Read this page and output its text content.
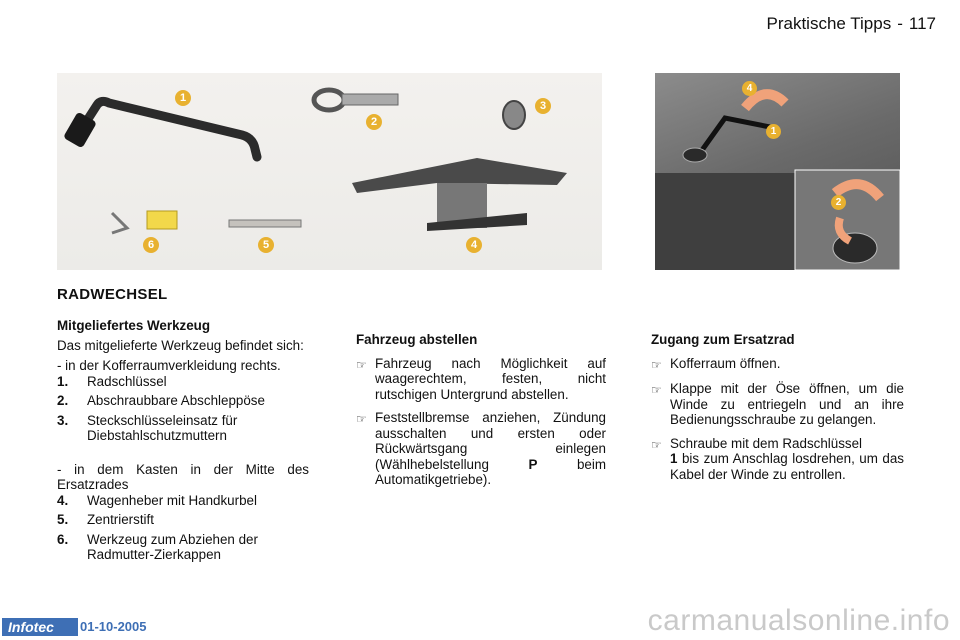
Praktische Tipps - 117
1
2
3
4
5
6
4
1
2
RADWECHSEL

Mitgeliefertes Werkzeug

Das mitgelieferte Werkzeug befindet sich:

- in der Kofferraumverkleidung rechts.

1.	Radschlüssel
2.	Abschraubbare Abschleppöse
3.	Steckschlüsseleinsatz für Diebstahlschutzmuttern

- in dem Kasten in der Mitte des Ersatzrades

4.	Wagenheber mit Handkurbel
5.	Zentrierstift
6.	Werkzeug zum Abziehen der Radmutter-Zierkappen

Fahrzeug abstellen

☞ Fahrzeug nach Möglichkeit auf waagerechtem, festen, nicht rutschigen Untergrund abstellen.
☞ Feststellbremse anziehen, Zündung ausschalten und ersten oder Rückwärtsgang einlegen (Wählhebelstellung	P	beim Automatikgetriebe).

Zugang zum Ersatzrad

☞ Kofferraum öffnen.
☞ Klappe mit der Öse öffnen, um die Winde zu entriegeln und an ihre Bedienungsschraube zu gelangen.
☞ Schraube mit dem Radschlüssel
1 bis zum Anschlag losdrehen, um das Kabel der Winde zu entrollen.
Infotec	01-10-2005	carmanualsonline.info
